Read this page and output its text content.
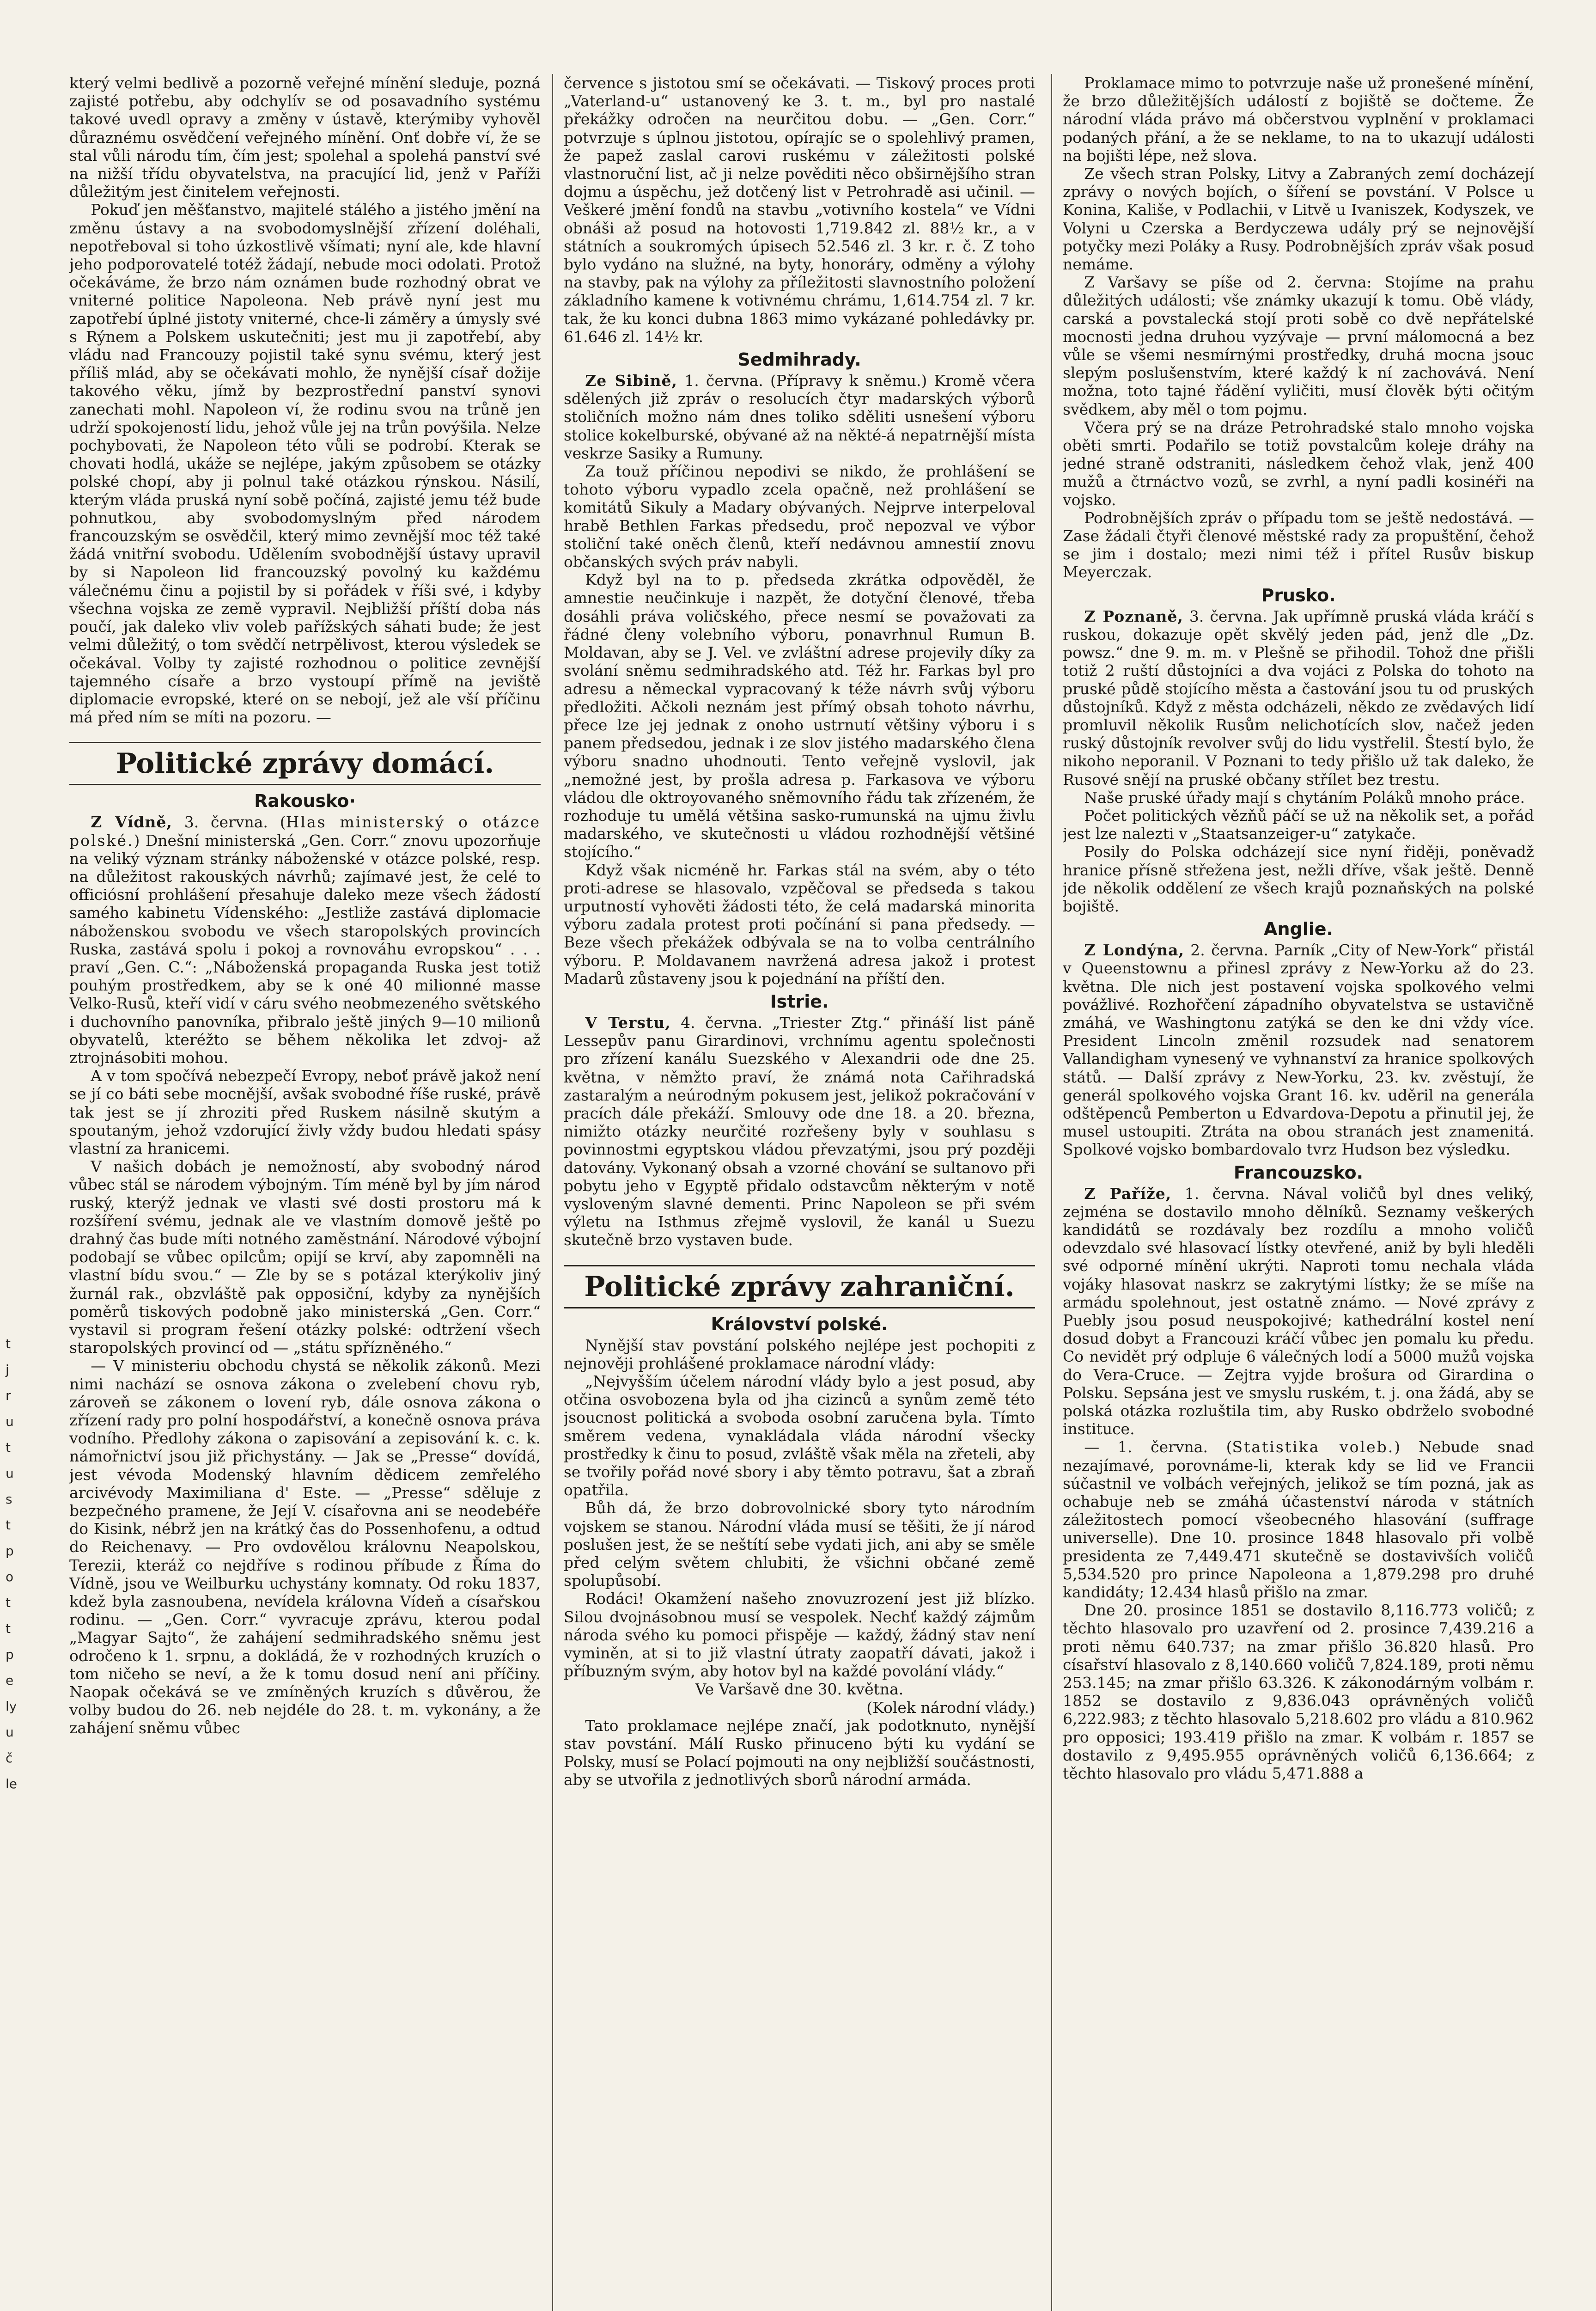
t
j
r
u
t
u
s
t
p
o
t
t
p
e
ly
u
č
le

který velmi bedlivě a pozorně veřejné mínění sleduje, pozná zajisté potřebu, aby odchylív se od posavadního systému takové uvedl opravy a změny v ústavě, kterýmiby vyhověl důraznému osvědčení veřejného mínění. Onť dobře ví, že se stal vůli národu tím, čím jest; spolehal a spolehá panství své na nižší třídu obyvatelstva, na pracující lid, jenž v Paříži důležitým jest činitelem veřejnosti.

Pokuď jen měšťanstvo, majitelé stálého a jistého jmění na změnu ústavy a na svobodomyslnější zřízení doléhali, nepotřeboval si toho úzkostlivě všímati; nyní ale, kde hlavní jeho podporovatelé totéž žádají, nebude moci odolati. Protož očekáváme, že brzo nám oznámen bude rozhodný obrat ve vniterné politice Napoleona. Neb právě nyní jest mu zapotřebí úplné jistoty vniterné, chce-li záměry a úmysly své s Rýnem a Polskem uskutečniti; jest mu ji zapotřebí, aby vládu nad Francouzy pojistil také synu svému, který jest příliš mlád, aby se očekávati mohlo, že nynější císař dožije takového věku, jímž by bezprostřední panství synovi zanechati mohl. Napoleon ví, že rodinu svou na trůně jen udrží spokojeností lidu, jehož vůle jej na trůn povýšila. Nelze pochybovati, že Napoleon této vůli se podrobí. Kterak se chovati hodlá, ukáže se nejlépe, jakým způsobem se otázky polské chopí, aby ji polnul také otázkou rýnskou. Násilí, kterým vláda pruská nyní sobě počíná, zajisté jemu též bude pohnutkou, aby svobodomyslným před národem francouzským se osvědčil, který mimo zevnější moc též také žádá vnitřní svobodu. Udělením svobodnější ústavy upravil by si Napoleon lid francouzský povolný ku každému válečnému činu a pojistil by si pořádek v říši své, i kdyby všechna vojska ze země vypravil. Nejbližší příští doba nás poučí, jak daleko vliv voleb pařížských sáhati bude; že jest velmi důležitý, o tom svědčí netrpělivost, kterou výsledek se očekával. Volby ty zajisté rozhodnou o politice zevnější tajemného císaře a brzo vystoupí přímě na jeviště diplomacie evropské, které on se nebojí, jež ale vší příčinu má před ním se míti na pozoru. —

Politické zprávy domácí.
Rakousko·

Z Vídně, 3. června. (Hlas ministerský o otázce polské.) Dnešní ministerská „Gen. Corr.“ znovu upozorňuje na veliký význam stránky náboženské v otázce polské, resp. na důležitost rakouských návrhů; zajímavé jest, že celé to officiósní prohlášení přesahuje daleko meze všech žádostí samého kabinetu Vídenského: „Jestliže zastává diplomacie náboženskou svobodu ve všech staropolských provincích Ruska, zastává spolu i pokoj a rovnováhu evropskou“ . . . praví „Gen. C.“: „Náboženská propaganda Ruska jest totiž pouhým prostředkem, aby se k oné 40 milionné masse Velko-Rusů, kteří vidí v cáru svého neobmezeného světského i duchovního panovníka, přibralo ještě jiných 9—10 milionů obyvatelů, kteréžto se během několika let zdvoj- až ztrojnásobiti mohou.

A v tom spočívá nebezpečí Evropy, neboť právě jakož není se jí co báti sebe mocnější, avšak svobodné říše ruské, právě tak jest se jí zhroziti před Ruskem násilně skutým a spoutaným, jehož vzdorující živly vždy budou hledati spásy vlastní za hranicemi.

V našich dobách je nemožností, aby svobodný národ vůbec stál se národem výbojným. Tím méně byl by jím národ ruský, kterýž jednak ve vlasti své dosti prostoru má k rozšíření svému, jednak ale ve vlastním domově ještě po drahný čas bude míti notného zaměstnání. Národové výbojní podobají se vůbec opilcům; opijí se krví, aby zapomněli na vlastní bídu svou.“ — Zle by se s potázal kterýkoliv jiný žurnál rak., obzvláště pak opposiční, kdyby za nynějších poměrů tiskových podobně jako ministerská „Gen. Corr.“ vystavil si program řešení otázky polské: odtržení všech staropolských provincí od — „státu spřízněného.“

— V ministeriu obchodu chystá se několik zákonů. Mezi nimi nachází se osnova zákona o zvelebení chovu ryb, zároveň se zákonem o lovení ryb, dále osnova zákona o zřízení rady pro polní hospodářství, a konečně osnova práva vodního. Předlohy zákona o zapisování a zepisování k. c. k. námořnictví jsou již přichystány. — Jak se „Presse“ dovídá, jest vévoda Modenský hlavním dědicem zemřelého arcivévody Maximiliana d' Este. — „Presse“ sděluje z bezpečného pramene, že Její V. císařovna ani se neodebéře do Kisink, nébrž jen na krátký čas do Possenhofenu, a odtud do Reichenavy. — Pro ovdovělou královnu Neapolskou, Terezii, kteráž co nejdříve s rodinou příbude z Říma do Vídně, jsou ve Weilburku uchystány komnaty. Od roku 1837, kdež byla zasnoubena, nevídela královna Vídeň a císařskou rodinu. — „Gen. Corr.“ vyvracuje zprávu, kterou podal „Magyar Sajto“, že zahájení sedmihradského sněmu jest odročeno k 1. srpnu, a dokládá, že v rozhodných kruzích o tom ničeho se neví, a že k tomu dosud není ani příčiny. Naopak očekává se ve zmíněných kruzích s důvěrou, že volby budou do 26. neb nejdéle do 28. t. m. vykonány, a že zahájení sněmu vůbec

července s jistotou smí se očekávati. — Tiskový proces proti „Vaterland-u“ ustanovený ke 3. t. m., byl pro nastalé překážky odročen na neurčitou dobu. — „Gen. Corr.“ potvrzuje s úplnou jistotou, opírajíc se o spolehlivý pramen, že papež zaslal carovi ruskému v záležitosti polské vlastnoruční list, ač ji nelze pověditi něco obširnějšího stran dojmu a úspěchu, jež dotčený list v Petrohradě asi učinil. — Veškeré jmění fondů na stavbu „votivního kostela“ ve Vídni obnáši až posud na hotovosti 1,719.842 zl. 88½ kr., a v státních a soukromých úpisech 52.546 zl. 3 kr. r. č. Z toho bylo vydáno na služné, na byty, honoráry, odměny a výlohy na stavby, pak na výlohy za příležitosti slavnostního položení základního kamene k votivnému chrámu, 1,614.754 zl. 7 kr. tak, že ku konci dubna 1863 mimo vykázané pohledávky pr. 61.646 zl. 14½ kr.

Sedmihrady.

Ze Sibině, 1. června. (Přípravy k sněmu.) Kromě včera sdělených již zpráv o resolucích čtyr madarských výborů stoličních možno nám dnes toliko sděliti usnešení výboru stolice kokelburské, obývané až na někté-á nepatrnější místa veskrze Sasiky a Rumuny.

Za touž příčinou nepodivi se nikdo, že prohlášení se tohoto výboru vypadlo zcela opačně, než prohlášení se komitátů Sikuly a Madary obývaných. Nejprve interpeloval hrabě Bethlen Farkas předsedu, proč nepozval ve výbor stoliční také oněch členů, kteří nedávnou amnestií znovu občanských svých práv nabyli.

Když byl na to p. předseda zkrátka odpověděl, že amnestie neučinkuje i nazpět, že dotyční členové, třeba dosáhli práva voličského, přece nesmí se považovati za řádné členy volebního výboru, ponavrhnul Rumun B. Moldavan, aby se J. Vel. ve zvláštní adrese projevily díky za svolání sněmu sedmihradského atd. Též hr. Farkas byl pro adresu a německal vypracovaný k téže návrh svůj výboru předložiti. Ačkoli neznám jest přímý obsah tohoto návrhu, přece lze jej jednak z onoho ustrnutí většiny výboru i s panem předsedou, jednak i ze slov jistého madarského člena výboru snadno uhodnouti. Tento veřejně vyslovil, jak „nemožné jest, by prošla adresa p. Farkasova ve výboru vládou dle oktroyovaného sněmovního řádu tak zřízeném, že rozhoduje tu umělá většina sasko-rumunská na ujmu živlu madarského, ve skutečnosti u vládou rozhodnější většiné stojícího.“

Když však nicméně hr. Farkas stál na svém, aby o této proti-adrese se hlasovalo, vzpěčoval se předseda s takou urputností vyhověti žádosti této, že celá madarská minorita výboru zadala protest proti počínání si pana předsedy. — Beze všech překážek odbývala se na to volba centrálního výboru. P. Moldavanem navržená adresa jakož i protest Madarů zůstaveny jsou k pojednání na příští den.

Istrie.

V Terstu, 4. června. „Triester Ztg.“ přináší list páně Lessepův panu Girardinovi, vrchnímu agentu společnosti pro zřízení kanálu Suezského v Alexandrii ode dne 25. května, v němžto praví, že známá nota Cařihradská zastaralým a neúrodným pokusem jest, jelikož pokračování v pracích dále překáží. Smlouvy ode dne 18. a 20. března, nimižto otázky neurčité rozřešeny byly v souhlasu s povinnostmi egyptskou vládou převzatými, jsou prý později datovány. Vykonaný obsah a vzorné chování se sultanovo při pobytu jeho v Egyptě přidalo odstavcům některým v notě vysloveným slavné dementi. Princ Napoleon se při svém výletu na Isthmus zřejmě vyslovil, že kanál u Suezu skutečně brzo vystaven bude.

Politické zprávy zahraniční.
Království polské.

Nynější stav povstání polského nejlépe jest pochopiti z nejnověji prohlášené proklamace národní vlády:

„Nejvyšším účelem národní vlády bylo a jest posud, aby otčina osvobozena byla od jha cizinců a synům země této jsoucnost politická a svoboda osobní zaručena byla. Tímto směrem vedena, vynakládala vláda národní všecky prostředky k činu to posud, zvláště však měla na zřeteli, aby se tvořily pořád nové sbory i aby těmto potravu, šat a zbraň opatřila.

Bůh dá, že brzo dobrovolnické sbory tyto národním vojskem se stanou. Národní vláda musí se těšiti, že jí národ poslušen jest, že se neštítí sebe vydati jich, ani aby se směle před celým světem chlubiti, že všichni občané země spolupůsobí.

Rodáci! Okamžení našeho znovuzrození jest již blízko. Silou dvojnásobnou musí se vespolek. Nechť každý zájmům národa svého ku pomoci přispěje — každý, žádný stav není vyminěn, at si to již vlastní útraty zaopatří dávati, jakož i příbuzným svým, aby hotov byl na každé povolání vlády.“

Ve Varšavě dne 30. května.

(Kolek národní vlády.)

Tato proklamace nejlépe značí, jak podotknuto, nynější stav povstání. Málí Rusko přinuceno býti ku vydání se Polsky, musí se Polací pojmouti na ony nejbližší součástnosti, aby se utvořila z jednotlivých sborů národní armáda.

Proklamace mimo to potvrzuje naše už pronešené mínění, že brzo důležitějších událostí z bojiště se dočteme. Že národní vláda právo má občerstvou vyplnění v proklamaci podaných přání, a že se neklame, to na to ukazují události na bojišti lépe, než slova.

Ze všech stran Polsky, Litvy a Zabraných zemí docházejí zprávy o nových bojích, o šíření se povstání. V Polsce u Konina, Kališe, v Podlachii, v Litvě u Ivaniszek, Kodyszek, ve Volyni u Czerska a Berdyczewa udály prý se nejnovější potyčky mezi Poláky a Rusy. Podrobnějších zpráv však posud nemáme.

Z Varšavy se píše od 2. června: Stojíme na prahu důležitých události; vše známky ukazují k tomu. Obě vlády, carská a povstalecká stojí proti sobě co dvě nepřátelské mocnosti jedna druhou vyzývaje — první málomocná a bez vůle se všemi nesmírnými prostředky, druhá mocna jsouc slepým poslušenstvím, které každý k ní zachovává. Není možna, toto tajné řádění vyličiti, musí člověk býti očitým svědkem, aby měl o tom pojmu.

Včera prý se na dráze Petrohradské stalo mnoho vojska oběti smrti. Podařilo se totiž povstalcům koleje dráhy na jedné straně odstraniti, následkem čehož vlak, jenž 400 mužů a čtrnáctvo vozů, se zvrhl, a nyní padli kosinéři na vojsko.

Podrobnějších zpráv o případu tom se ještě nedostává. — Zase žádali čtyři členové městské rady za propuštění, čehož se jim i dostalo; mezi nimi též i přítel Rusův biskup Meyerczak.

Prusko.

Z Poznaně, 3. června. Jak upřímně pruská vláda kráčí s ruskou, dokazuje opět skvělý jeden pád, jenž dle „Dz. powsz.“ dne 9. m. m. v Plešně se přihodil. Tohož dne přišli totiž 2 ruští důstojníci a dva vojáci z Polska do tohoto na pruské půdě stojícího města a častování jsou tu od pruských důstojníků. Když z města odcházeli, někdo ze zvědavých lidí promluvil několik Rusům nelichotících slov, načež jeden ruský důstojník revolver svůj do lidu vystřelil. Štestí bylo, že nikoho neporanil. V Poznani to tedy přišlo už tak daleko, že Rusové snějí na pruské občany střílet bez trestu.

Naše pruské úřady mají s chytáním Poláků mnoho práce.

Počet politických vězňů páčí se už na několik set, a pořád jest lze nalezti v „Staatsanzeiger-u“ zatykače.

Posily do Polska odcházejí sice nyní řiději, poněvadž hranice přísně střežena jest, nežli dříve, však ještě. Denně jde několik oddělení ze všech krajů poznaňských na polské bojiště.

Anglie.

Z Londýna, 2. června. Parník „City of New-York“ přistál v Queenstownu a přinesl zprávy z New-Yorku až do 23. května. Dle nich jest postavení vojska spolkového velmi povážlivé. Rozhořčení západního obyvatelstva se ustavičně zmáhá, ve Washingtonu zatýká se den ke dni vždy více. President Lincoln změnil rozsudek nad senatorem Vallandigham vynesený ve vyhnanství za hranice spolkových států. — Další zprávy z New-Yorku, 23. kv. zvěstují, že generál spolkového vojska Grant 16. kv. uděril na generála odštěpenců Pemberton u Edvardova-Depotu a přinutil jej, že musel ustoupiti. Ztráta na obou stranách jest znamenitá. Spolkové vojsko bombardovalo tvrz Hudson bez výsledku.

Francouzsko.

Z Paříže, 1. června. Nával voličů byl dnes veliký, zejména se dostavilo mnoho dělníků. Seznamy veškerých kandidátů se rozdávaly bez rozdílu a mnoho voličů odevzdalo své hlasovací lístky otevřené, aniž by byli hleděli své odporné mínění ukrýti. Naproti tomu nechala vláda vojáky hlasovat naskrz se zakrytými lístky; že se míše na armádu spolehnout, jest ostatně známo. — Nové zprávy z Puebly jsou posud neuspokojivé; kathedrální kostel není dosud dobyt a Francouzi kráčí vůbec jen pomalu ku předu. Co nevidět prý odpluje 6 válečných lodí a 5000 mužů vojska do Vera-Cruce. — Zejtra vyjde brošura od Girardina o Polsku. Sepsána jest ve smyslu ruském, t. j. ona žádá, aby se polská otázka rozluštila tim, aby Rusko obdrželo svobodné instituce.

— 1. června. (Statistika voleb.) Nebude snad nezajímavé, porovnáme-li, kterak kdy se lid ve Francii súčastnil ve volbách veřejných, jelikož se tím pozná, jak as ochabuje neb se zmáhá účastenství národa v státních záležitostech pomocí všeobecného hlasování (suffrage universelle). Dne 10. prosince 1848 hlasovalo při volbě presidenta ze 7,449.471 skutečně se dostavivších voličů 5,534.520 pro prince Napoleona a 1,879.298 pro druhé kandidáty; 12.434 hlasů přišlo na zmar.

Dne 20. prosince 1851 se dostavilo 8,116.773 voličů; z těchto hlasovalo pro uzavření od 2. prosince 7,439.216 a proti němu 640.737; na zmar přišlo 36.820 hlasů. Pro císařství hlasovalo z 8,140.660 voličů 7,824.189, proti němu 253.145; na zmar přišlo 63.326. K zákonodárným volbám r. 1852 se dostavilo z 9,836.043 oprávněných voličů 6,222.983; z těchto hlasovalo 5,218.602 pro vládu a 810.962 pro opposici; 193.419 přišlo na zmar. K volbám r. 1857 se dostavilo z 9,495.955 oprávněných voličů 6,136.664; z těchto hlasovalo pro vládu 5,471.888 a
